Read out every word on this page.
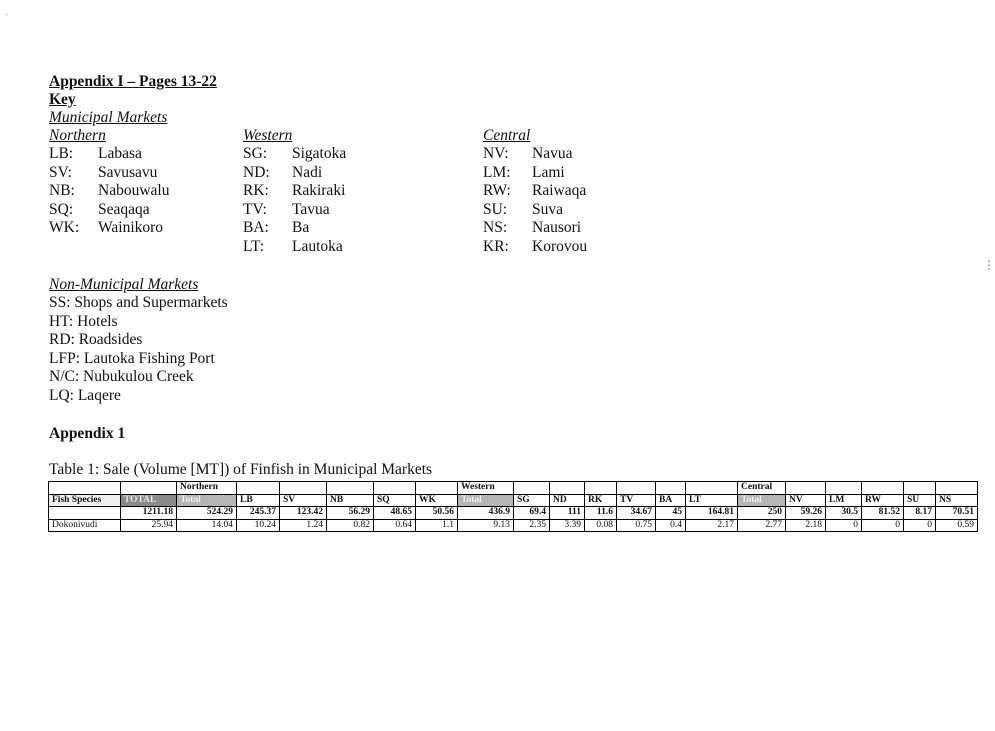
Appendix I – Pages 13-22
Key
Municipal Markets
Northern
LB: Labasa
SV: Savusavu
NB: Nabouwalu
SQ: Seaqaqa
WK: Wainikoro
Western
SG: Sigatoka
ND: Nadi
RK: Rakiraki
TV: Tavua
BA: Ba
LT: Lautoka
Central
NV: Navua
LM: Lami
RW: Raiwaqa
SU: Suva
NS: Nausori
KR: Korovou
Non-Municipal Markets
SS: Shops and Supermarkets
HT: Hotels
RD: Roadsides
LFP: Lautoka Fishing Port
N/C: Nubukulou Creek
LQ: Laqere
Appendix 1
Table 1: Sale (Volume [MT]) of Finfish in Municipal Markets
		Northern						Western							Central					
Fish Species	TOTAL	Total	LB	SV	NB	SQ	WK	Total	SG	ND	RK	TV	BA	LT	Total	NV	LM	RW	SU	NS
	1211.18	524.29	245.37	123.42	56.29	48.65	50.56	436.9	69.4	111	11.6	34.67	45	164.81	250	59.26	30.5	81.52	8.17	70.51
Dokonivudi	25.94	14.04	10.24	1.24	0.82	0.64	1.1	9.13	2.35	3.39	0.08	0.75	0.4	2.17	2.77	2.18	0	0	0	0.59
′
⋮
